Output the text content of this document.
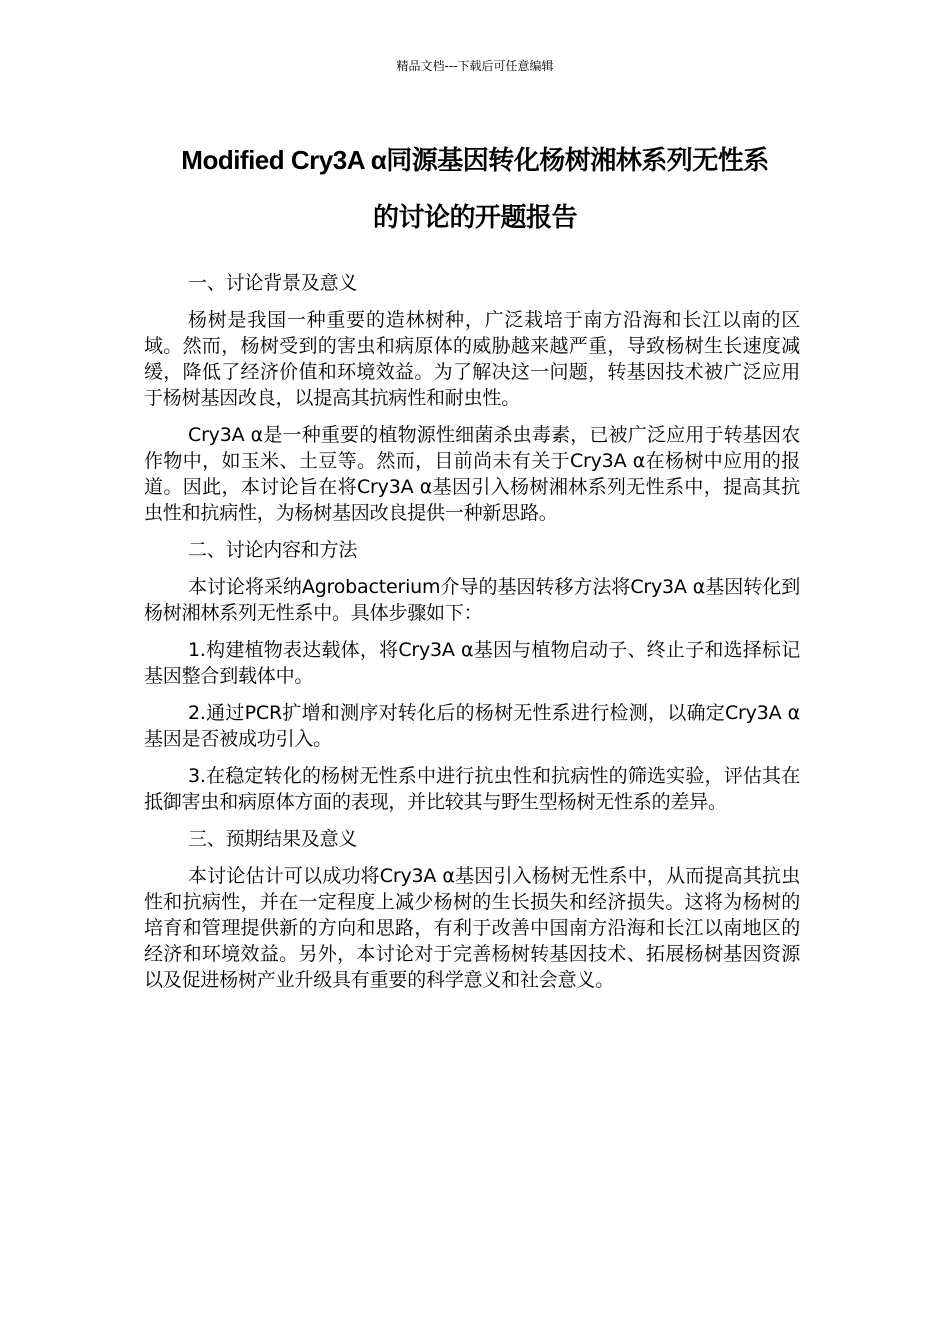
精品文档---下载后可任意编辑
Modified Cry3A α同源基因转化杨树湘林系列无性系
的讨论的开题报告

一、讨论背景及意义

杨树是我国一种重要的造林树种，广泛栽培于南方沿海和长江以南的区域。然而，杨树受到的害虫和病原体的威胁越来越严重，导致杨树生长速度减缓，降低了经济价值和环境效益。为了解决这一问题，转基因技术被广泛应用于杨树基因改良，以提高其抗病性和耐虫性。

Cry3A α是一种重要的植物源性细菌杀虫毒素，已被广泛应用于转基因农作物中，如玉米、土豆等。然而，目前尚未有关于Cry3A α在杨树中应用的报道。因此，本讨论旨在将Cry3A α基因引入杨树湘林系列无性系中，提高其抗虫性和抗病性，为杨树基因改良提供一种新思路。

二、讨论内容和方法

本讨论将采纳Agrobacterium介导的基因转移方法将Cry3A α基因转化到杨树湘林系列无性系中。具体步骤如下：

1.构建植物表达载体，将Cry3A α基因与植物启动子、终止子和选择标记基因整合到载体中。

2.通过PCR扩增和测序对转化后的杨树无性系进行检测，以确定Cry3A α基因是否被成功引入。

3.在稳定转化的杨树无性系中进行抗虫性和抗病性的筛选实验，评估其在抵御害虫和病原体方面的表现，并比较其与野生型杨树无性系的差异。

三、预期结果及意义

本讨论估计可以成功将Cry3A α基因引入杨树无性系中，从而提高其抗虫性和抗病性，并在一定程度上减少杨树的生长损失和经济损失。这将为杨树的培育和管理提供新的方向和思路，有利于改善中国南方沿海和长江以南地区的经济和环境效益。另外，本讨论对于完善杨树转基因技术、拓展杨树基因资源以及促进杨树产业升级具有重要的科学意义和社会意义。
